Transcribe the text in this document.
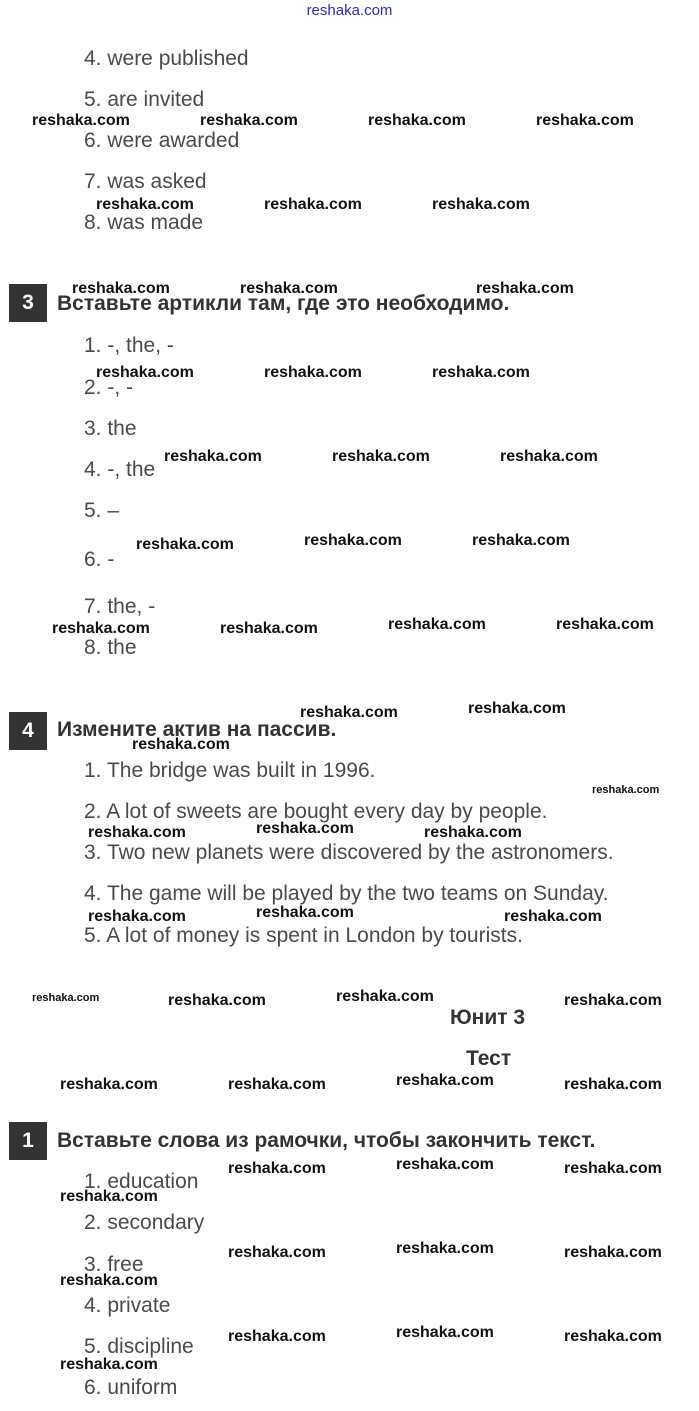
reshaka.com
4. were published
5. are invited
6. were awarded
7. was asked
8. was made
3	Вставьте артикли там, где это необходимо.
1. -, the, -
2. -, -
3. the
4. -, the
5. –
6. -
7. the, -
8. the
4	Измените актив на пассив.
1. The bridge was built in 1996.
2. A lot of sweets are bought every day by people.
3. Two new planets were discovered by the astronomers.
4. The game will be played by the two teams on Sunday.
5. A lot of money is spent in London by tourists.
Юнит 3
Тест
1	Вставьте слова из рамочки, чтобы закончить текст.
1. education
2. secondary
3. free
4. private
5. discipline
6. uniform
reshaka.com	reshaka.com	reshaka.com	reshaka.com
reshaka.com	reshaka.com	reshaka.com
reshaka.com	reshaka.com	reshaka.com
reshaka.com	reshaka.com	reshaka.com
reshaka.com	reshaka.com	reshaka.com
reshaka.com	reshaka.com	reshaka.com
reshaka.com	reshaka.com	reshaka.com	reshaka.com
reshaka.com	reshaka.com
reshaka.com
reshaka.com
reshaka.com	reshaka.com	reshaka.com
reshaka.com	reshaka.com	reshaka.com
reshaka.com	reshaka.com	reshaka.com	reshaka.com
reshaka.com	reshaka.com	reshaka.com	reshaka.com
reshaka.com	reshaka.com	reshaka.com
reshaka.com
reshaka.com	reshaka.com	reshaka.com
reshaka.com
reshaka.com	reshaka.com	reshaka.com
reshaka.com
